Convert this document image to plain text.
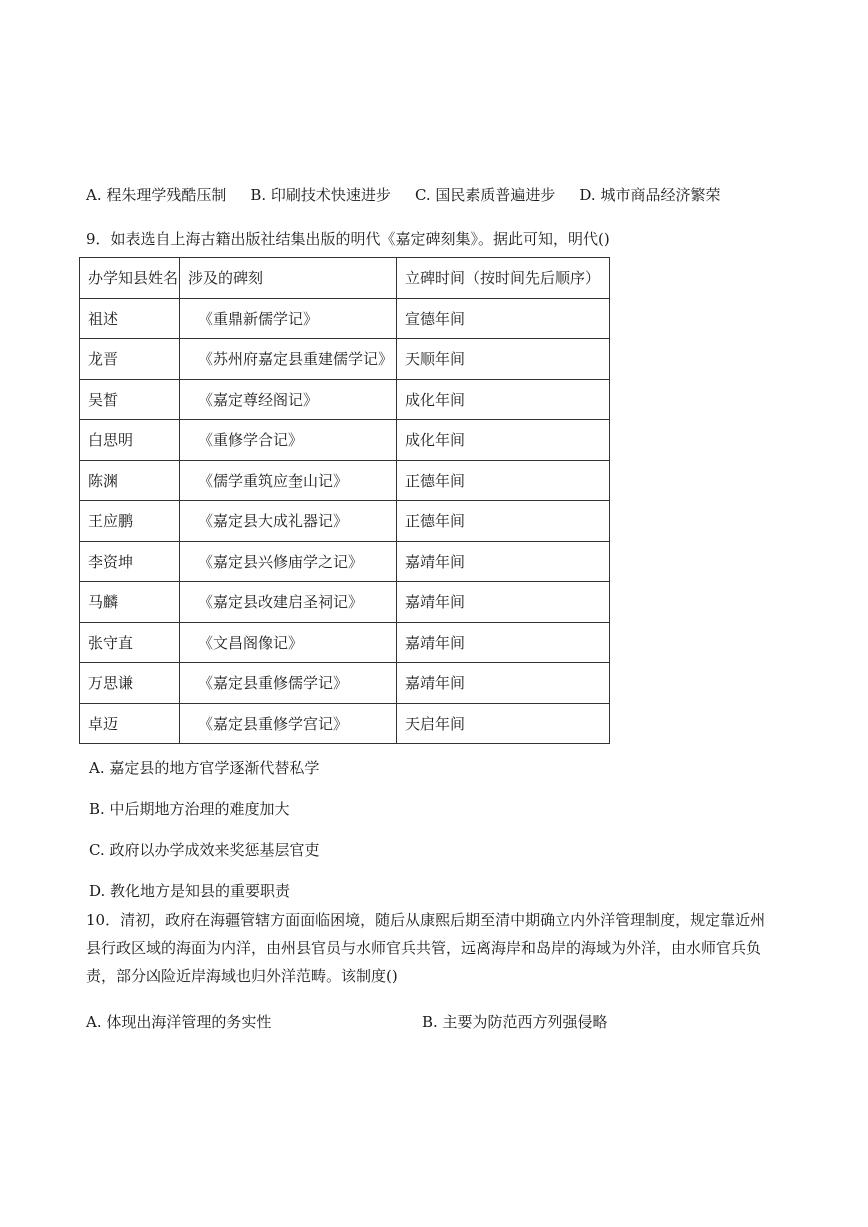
A. 程朱理学残酷压制 B. 印刷技术快速进步 C. 国民素质普遍进步 D. 城市商品经济繁荣
9．如表选自上海古籍出版社结集出版的明代《嘉定碑刻集》。据此可知，明代()
办学知县姓名	涉及的碑刻	立碑时间（按时间先后顺序）
祖述	《重鼎新儒学记》	宣德年间
龙晋	《苏州府嘉定县重建儒学记》	天顺年间
吴皙	《嘉定尊经阁记》	成化年间
白思明	《重修学合记》	成化年间
陈渊	《儒学重筑应奎山记》	正德年间
王应鹏	《嘉定县大成礼器记》	正德年间
李资坤	《嘉定县兴修庙学之记》	嘉靖年间
马麟	《嘉定县改建启圣祠记》	嘉靖年间
张守直	《文昌阁像记》	嘉靖年间
万思谦	《嘉定县重修儒学记》	嘉靖年间
卓迈	《嘉定县重修学宫记》	天启年间
A. 嘉定县的地方官学逐渐代替私学
B. 中后期地方治理的难度加大
C. 政府以办学成效来奖惩基层官吏
D. 教化地方是知县的重要职责
10．清初，政府在海疆管辖方面面临困境，随后从康熙后期至清中期确立内外洋管理制度，规定靠近州县行政区域的海面为内洋，由州县官员与水师官兵共管，远离海岸和岛岸的海域为外洋，由水师官兵负责，部分凶险近岸海域也归外洋范畴。该制度()
A. 体现出海洋管理的务实性	B. 主要为防范西方列强侵略
